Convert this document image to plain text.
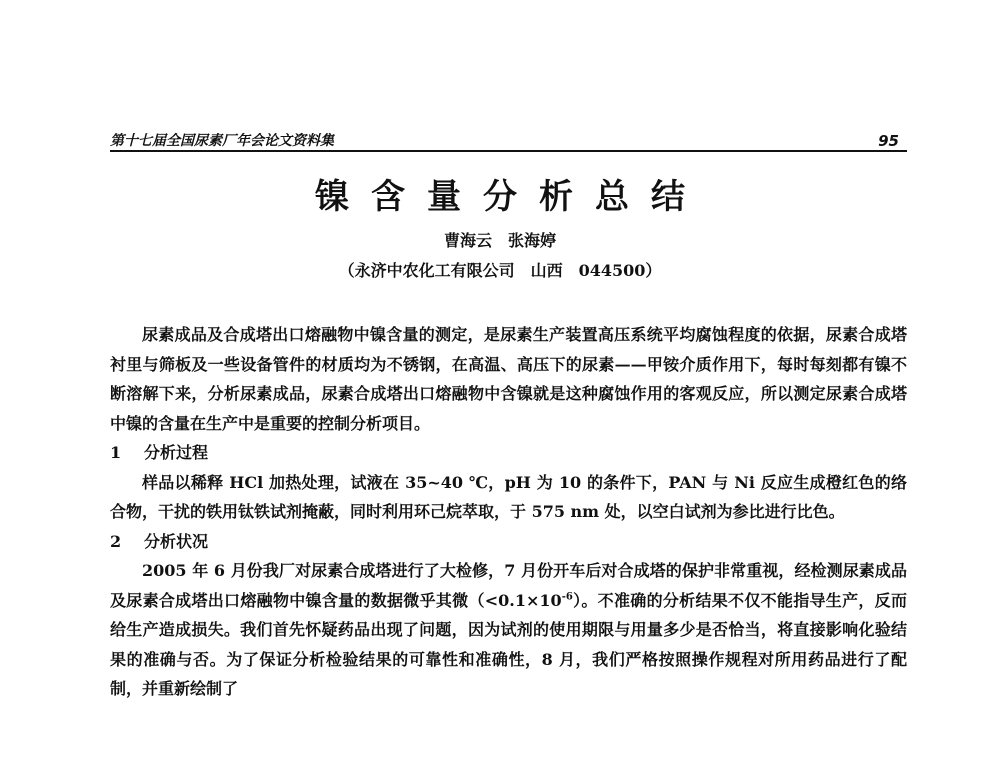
第十七届全国尿素厂年会论文资料集	95
镍含量分析总结
曹海云 张海婷
（永济中农化工有限公司　山西　044500）

尿素成品及合成塔出口熔融物中镍含量的测定，是尿素生产装置高压系统平均腐蚀程度的依据，尿素合成塔衬里与筛板及一些设备管件的材质均为不锈钢，在高温、高压下的尿素——甲铵介质作用下，每时每刻都有镍不断溶解下来，分析尿素成品，尿素合成塔出口熔融物中含镍就是这种腐蚀作用的客观反应，所以测定尿素合成塔中镍的含量在生产中是重要的控制分析项目。

1 分析过程

样品以稀释 HCl 加热处理，试液在 35~40 ℃，pH 为 10 的条件下，PAN 与 Ni 反应生成橙红色的络合物，干扰的铁用钛铁试剂掩蔽，同时利用环己烷萃取，于 575 nm 处，以空白试剂为参比进行比色。

2 分析状况

2005 年 6 月份我厂对尿素合成塔进行了大检修，7 月份开车后对合成塔的保护非常重视，经检测尿素成品及尿素合成塔出口熔融物中镍含量的数据微乎其微$(<0.1\times 10^{-6})$。不准确的分析结果不仅不能指导生产，反而给生产造成损失。我们首先怀疑药品出现了问题，因为试剂的使用期限与用量多少是否恰当，将直接影响化验结果的准确与否。为了保证分析检验结果的可靠性和准确性，8 月，我们严格按照操作规程对所用药品进行了配制，并重新绘制了
